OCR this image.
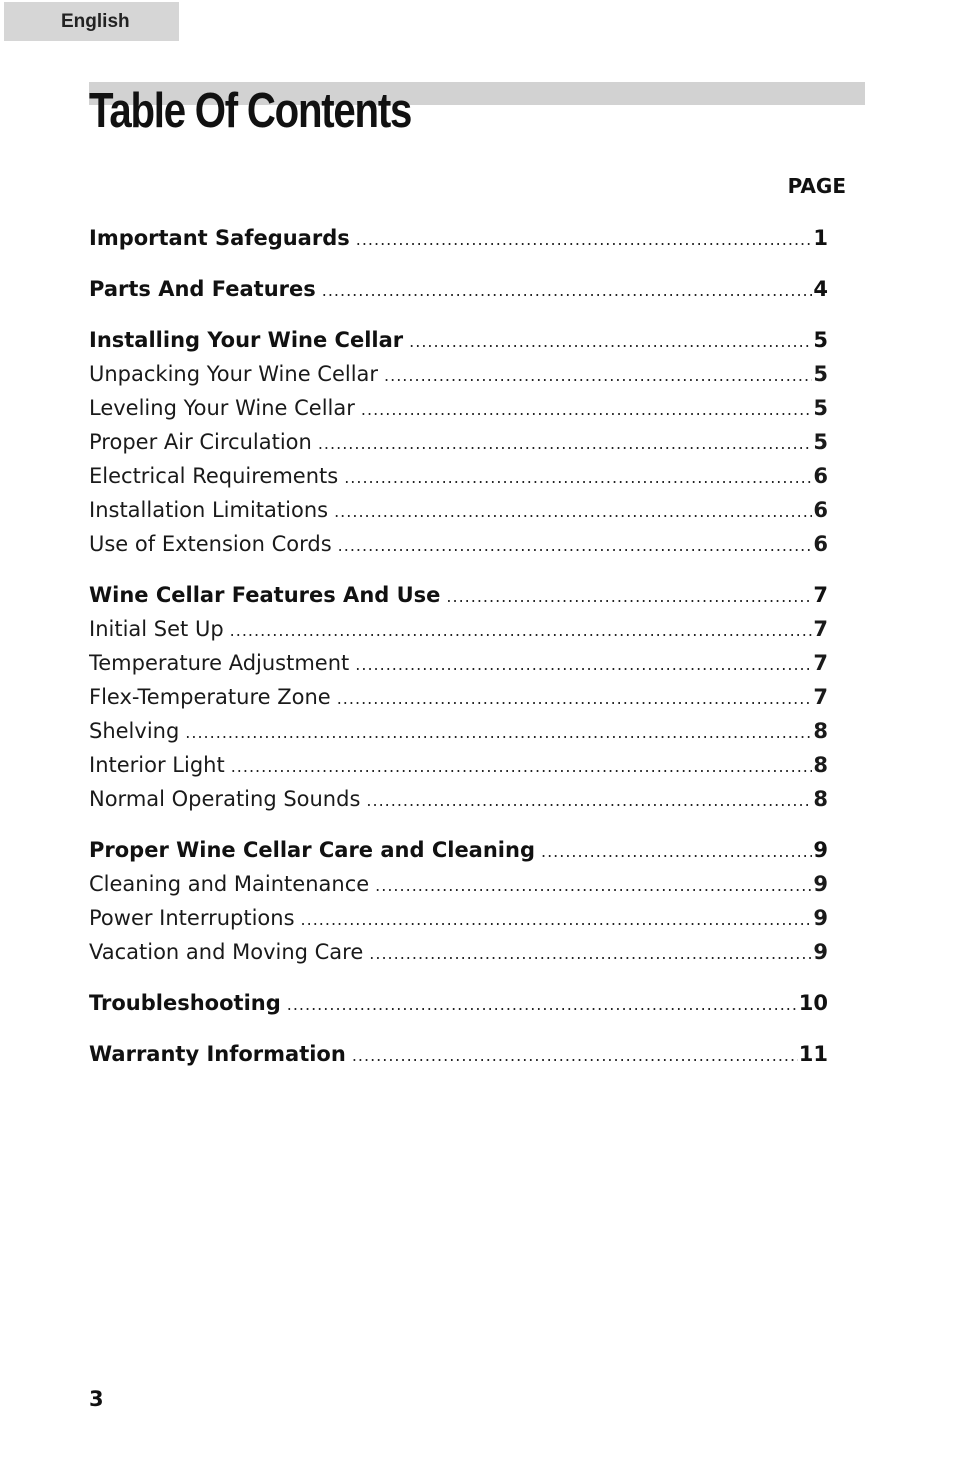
English
Table Of Contents
PAGE
Important Safeguards .....	1
Parts And Features .....	4
Installing Your Wine Cellar .....	5
Unpacking Your Wine Cellar .....	5
Leveling Your Wine Cellar .....	5
Proper Air Circulation .....	5
Electrical Requirements .....	6
Installation Limitations .....	6
Use of Extension Cords .....	6
Wine Cellar Features And Use .....	7
Initial Set Up .....	7
Temperature Adjustment .....	7
Flex-Temperature Zone .....	7
Shelving .....	8
Interior Light .....	8
Normal Operating Sounds .....	8
Proper Wine Cellar Care and Cleaning .....	9
Cleaning and Maintenance .....	9
Power Interruptions .....	9
Vacation and Moving Care .....	9
Troubleshooting .....	10
Warranty Information .....	11
3
